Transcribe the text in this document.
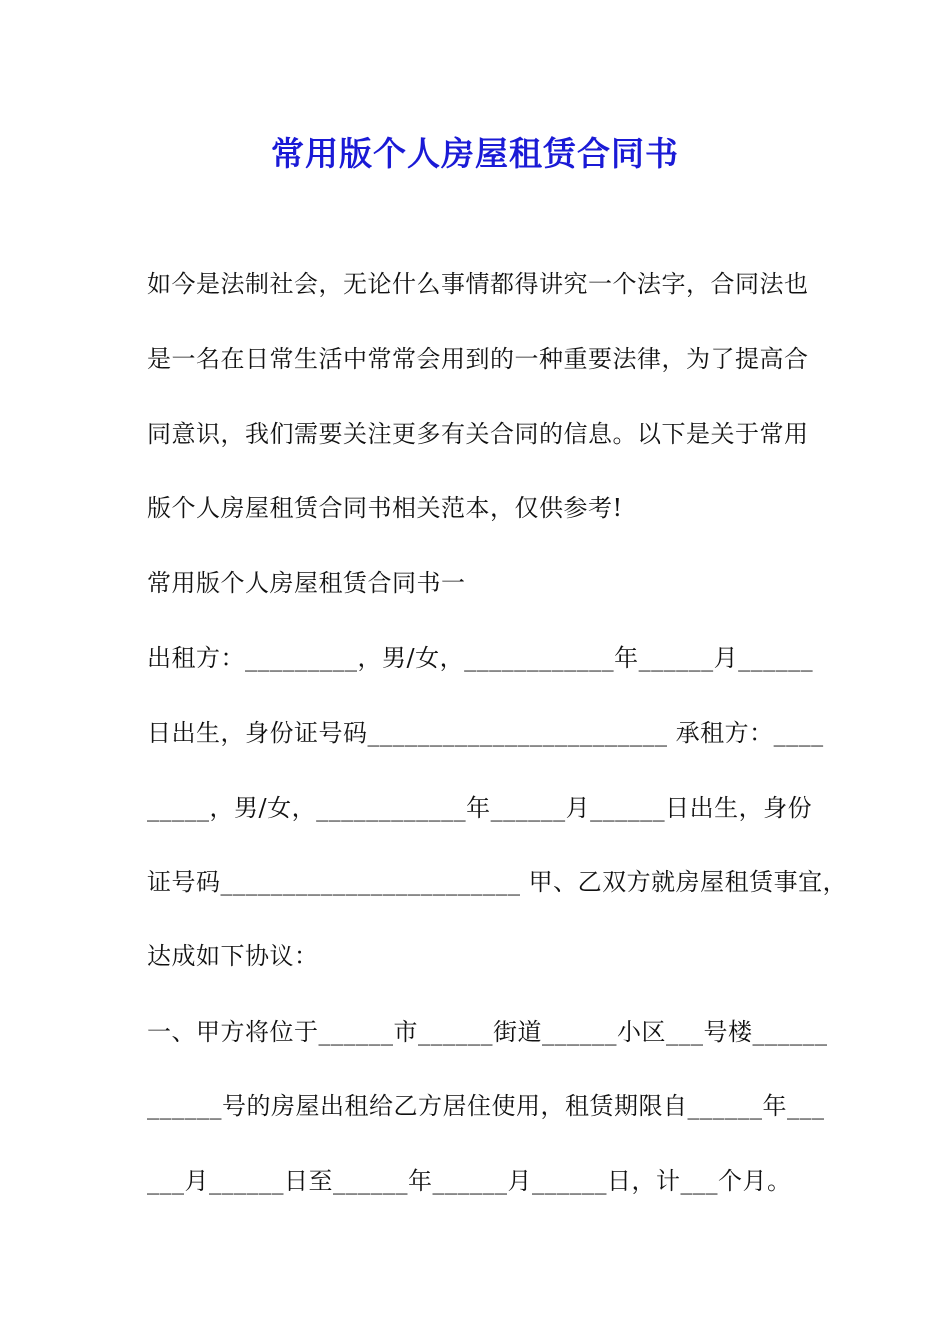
常用版个人房屋租赁合同书
如今是法制社会，无论什么事情都得讲究一个法字，合同法也
是一名在日常生活中常常会用到的一种重要法律，为了提高合
同意识，我们需要关注更多有关合同的信息。以下是关于常用
版个人房屋租赁合同书相关范本，仅供参考!
常用版个人房屋租赁合同书一
出租方：_________，男/女，____________年______月______
日出生，身份证号码________________________ 承租方：____
_____，男/女，____________年______月______日出生，身份
证号码________________________ 甲、乙双方就房屋租赁事宜，
达成如下协议：
一、甲方将位于______市______街道______小区___号楼______
______号的房屋出租给乙方居住使用，租赁期限自______年___
___月______日至______年______月______日，计___个月。
